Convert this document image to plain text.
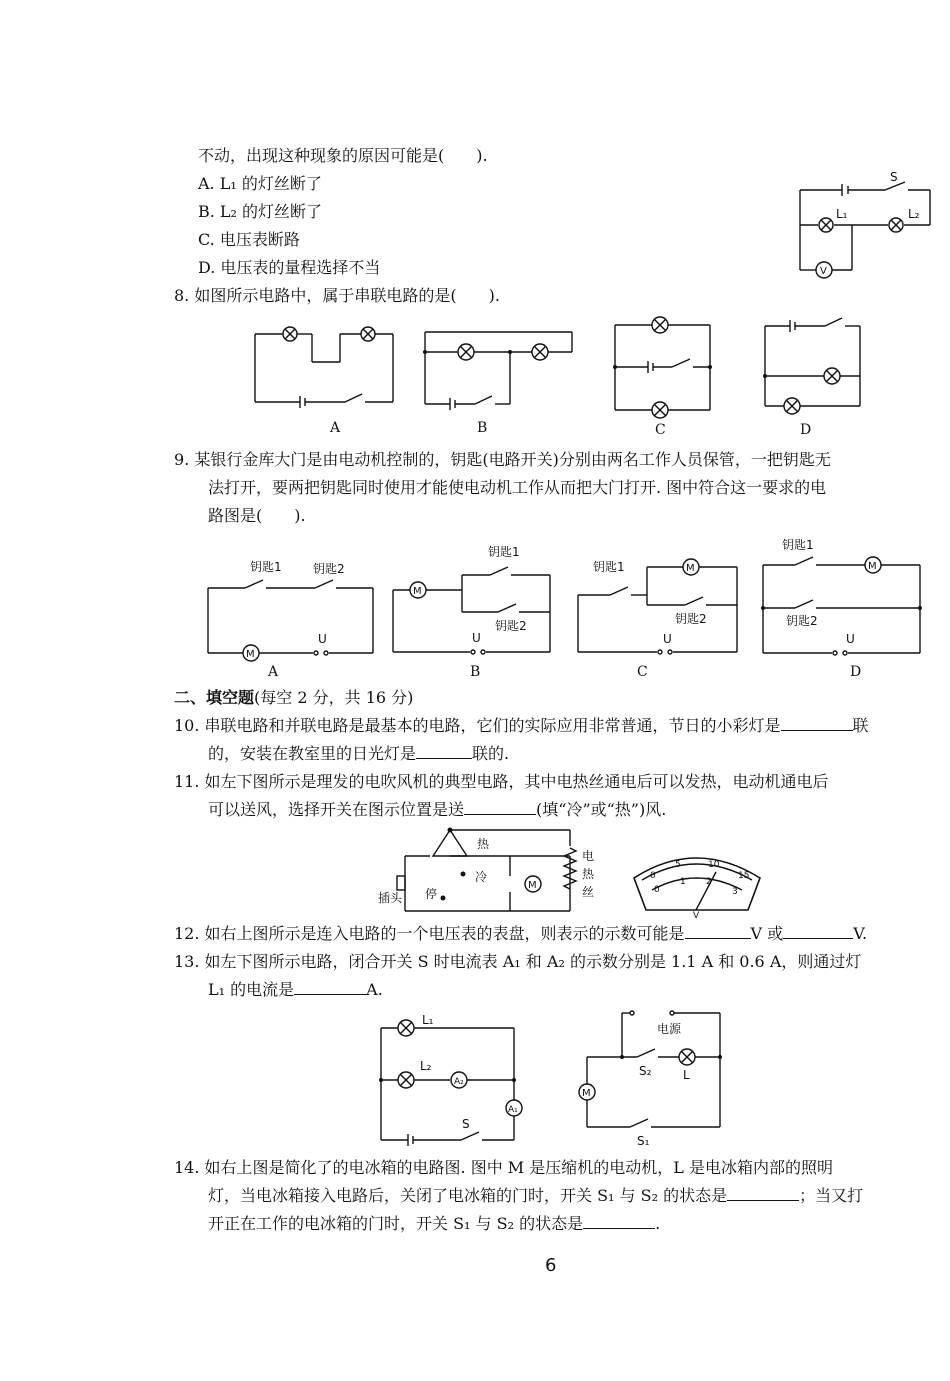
不动，出现这种现象的原因可能是(　　).
A. L₁ 的灯丝断了
B. L₂ 的灯丝断了
C. 电压表断路
D. 电压表的量程选择不当
S
L₁	L₂
V
8. 如图所示电路中，属于串联电路的是(　　).
A	B	C	D
9. 某银行金库大门是由电动机控制的，钥匙(电路开关)分别由两名工作人员保管，一把钥匙无
法打开，要两把钥匙同时使用才能使电动机工作从而把大门打开. 图中符合这一要求的电
路图是(　　).
钥匙1	钥匙2
M
U
A
钥匙1
钥匙2
M
U
B
钥匙1	M
钥匙2
U
C
钥匙1
M
钥匙2
U
D
二、填空题(每空 2 分，共 16 分)
10. 串联电路和并联电路是最基本的电路，它们的实际应用非常普通，节日的小彩灯是	联
的，安装在教室里的日光灯是	联的.
11. 如左下图所示是理发的电吹风机的典型电路，其中电热丝通电后可以发热，电动机通电后
可以送风，选择开关在图示位置是送	(填“冷”或“热”)风.
热
冷
停
插头
M
电
热
丝
0
5	10
15
0
1 2
3
V
12. 如右上图所示是连入电路的一个电压表的表盘，则表示的示数可能是	V 或	V.
13. 如左下图所示电路，闭合开关 S 时电流表 A₁ 和 A₂ 的示数分别是 1.1 A 和 0.6 A，则通过灯
L₁ 的电流是	A.
L₁
L₂
A₂
A₁
S
电源
S₂	L
M
S₁
14. 如右上图是简化了的电冰箱的电路图. 图中 M 是压缩机的电动机，L 是电冰箱内部的照明
灯，当电冰箱接入电路后，关闭了电冰箱的门时，开关 S₁ 与 S₂ 的状态是	；当又打
开正在工作的电冰箱的门时，开关 S₁ 与 S₂ 的状态是	.
6
